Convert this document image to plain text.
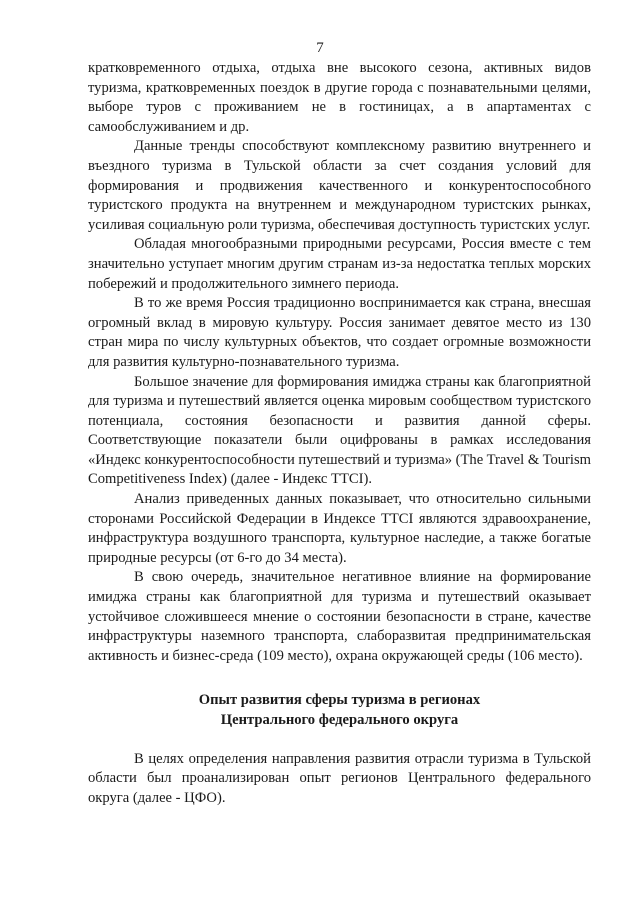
7

кратковременного отдыха, отдыха вне высокого сезона, активных видов туризма, кратковременных поездок в другие города с познавательными целями, выборе туров с проживанием не в гостиницах, а в апартаментах с самообслуживанием и др.

Данные тренды способствуют комплексному развитию внутреннего и въездного туризма в Тульской области за счет создания условий для формирования и продвижения качественного и конкурентоспособного туристского продукта на внутреннем и международном туристских рынках, усиливая социальную роли туризма, обеспечивая доступность туристских услуг.

Обладая многообразными природными ресурсами, Россия вместе с тем значительно уступает многим другим странам из-за недостатка теплых морских побережий и продолжительного зимнего периода.

В то же время Россия традиционно воспринимается как страна, внесшая огромный вклад в мировую культуру. Россия занимает девятое место из 130 стран мира по числу культурных объектов, что создает огромные возможности для развития культурно-познавательного туризма.

Большое значение для формирования имиджа страны как благоприятной для туризма и путешествий является оценка мировым сообществом туристского потенциала, состояния безопасности и развития данной сферы. Соответствующие показатели были оцифрованы в рамках исследования «Индекс конкурентоспособности путешествий и туризма» (The Travel & Tourism Competitiveness Index) (далее - Индекс TTCI).

Анализ приведенных данных показывает, что относительно сильными сторонами Российской Федерации в Индексе TTCI являются здравоохранение, инфраструктура воздушного транспорта, культурное наследие, а также богатые природные ресурсы (от 6-го до 34 места).

В свою очередь, значительное негативное влияние на формирование имиджа страны как благоприятной для туризма и путешествий оказывает устойчивое сложившееся мнение о состоянии безопасности в стране, качестве инфраструктуры наземного транспорта, слаборазвитая предпринимательская активность и бизнес-среда (109 место), охрана окружающей среды (106 место).

Опыт развития сферы туризма в регионах
Центрального федерального округа

В целях определения направления развития отрасли туризма в Тульской области был проанализирован опыт регионов Центрального федерального округа (далее - ЦФО).
